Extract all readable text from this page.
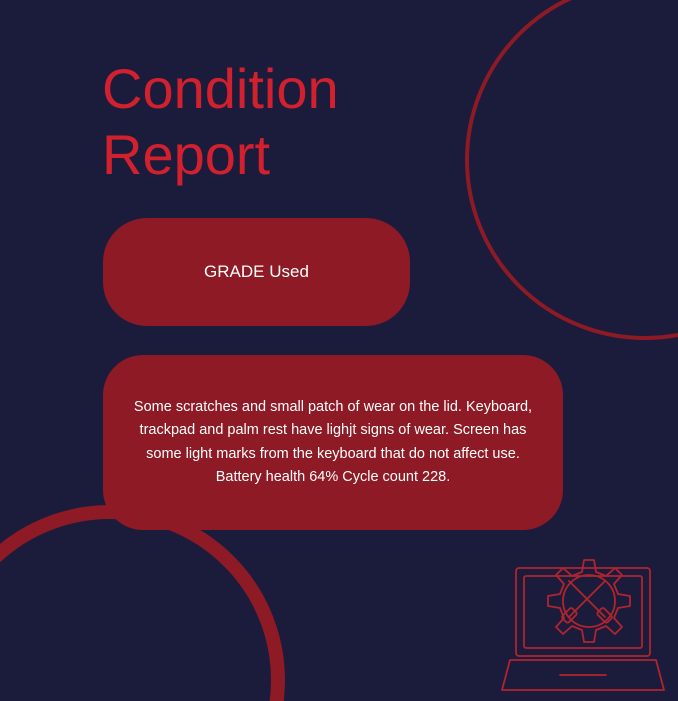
Condition
Report
GRADE
Used
Some scratches and small patch of wear on the lid. Keyboard, trackpad and palm rest have lighjt signs of wear. Screen has some light marks from the keyboard that do not affect use. Battery health 64% Cycle count 228.
